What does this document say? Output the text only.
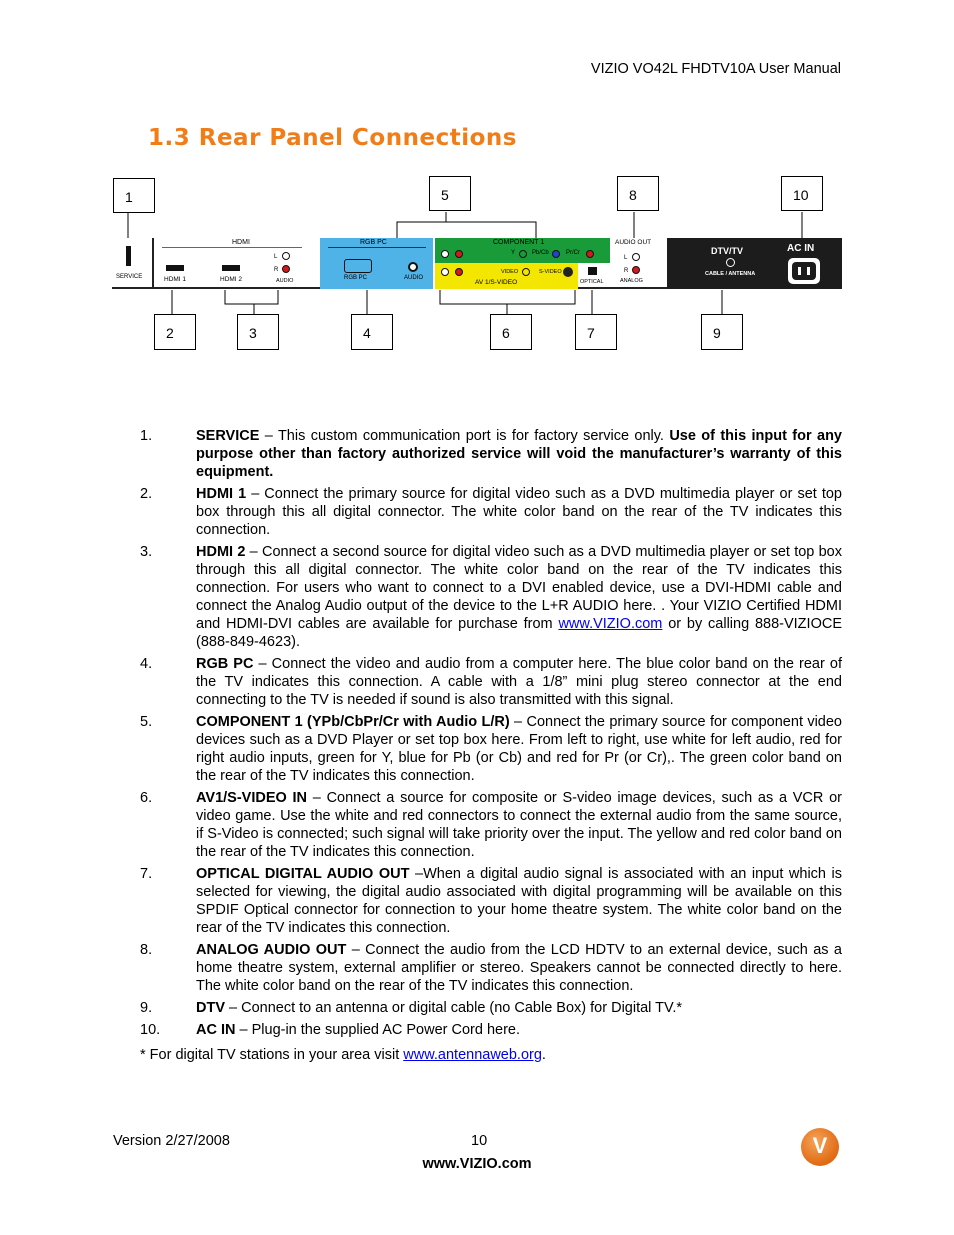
VIZIO VO42L FHDTV10A User Manual
1.3 Rear Panel Connections
1	5	8	10
2	3	4	6	7	9
SERVICE
HDMI
HDMI 1	HDMI 2
L
R
AUDIO
RGB PC
RGB PC	AUDIO
COMPONENT 1
Y	Pb/Cb	Pr/Cr
VIDEO	S-VIDEO
AV 1/S-VIDEO	OPTICAL
AUDIO OUT
L
R
ANALOG
DTV/TV
CABLE / ANTENNA
AC IN
1.	SERVICE – This custom communication port is for factory service only. Use of this input for any purpose other than factory authorized service will void the manufacturer’s warranty of this equipment.
2.	HDMI 1 – Connect the primary source for digital video such as a DVD multimedia player or set top box through this all digital connector. The white color band on the rear of the TV indicates this connection.
3.	HDMI 2 – Connect a second source for digital video such as a DVD multimedia player or set top box through this all digital connector. The white color band on the rear of the TV indicates this connection. For users who want to connect to a DVI enabled device, use a DVI-HDMI cable and connect the Analog Audio output of the device to the L+R AUDIO here. . Your VIZIO Certified HDMI and HDMI-DVI cables are available for purchase from www.VIZIO.com or by calling 888-VIZIOCE (888-849-4623).
4.	RGB PC – Connect the video and audio from a computer here. The blue color band on the rear of the TV indicates this connection. A cable with a 1/8” mini plug stereo connector at the end connecting to the TV is needed if sound is also transmitted with this signal.
5.	COMPONENT 1 (YPb/CbPr/Cr with Audio L/R) – Connect the primary source for component video devices such as a DVD Player or set top box here. From left to right, use white for left audio, red for right audio inputs, green for Y, blue for Pb (or Cb) and red for Pr (or Cr),. The green color band on the rear of the TV indicates this connection.
6.	AV1/S-VIDEO IN – Connect a source for composite or S-video image devices, such as a VCR or video game. Use the white and red connectors to connect the external audio from the same source, if S-Video is connected; such signal will take priority over the input. The yellow and red color band on the rear of the TV indicates this connection.
7.	OPTICAL DIGITAL AUDIO OUT –When a digital audio signal is associated with an input which is selected for viewing, the digital audio associated with digital programming will be available on this SPDIF Optical connector for connection to your home theatre system. The white color band on the rear of the TV indicates this connection.
8.	ANALOG AUDIO OUT – Connect the audio from the LCD HDTV to an external device, such as a home theatre system, external amplifier or stereo. Speakers cannot be connected directly to here. The white color band on the rear of the TV indicates this connection.
9.	DTV – Connect to an antenna or digital cable (no Cable Box) for Digital TV.*
10.	AC IN – Plug-in the supplied AC Power Cord here.
* For digital TV stations in your area visit www.antennaweb.org.
Version 2/27/2008	10
www.VIZIO.com
V
